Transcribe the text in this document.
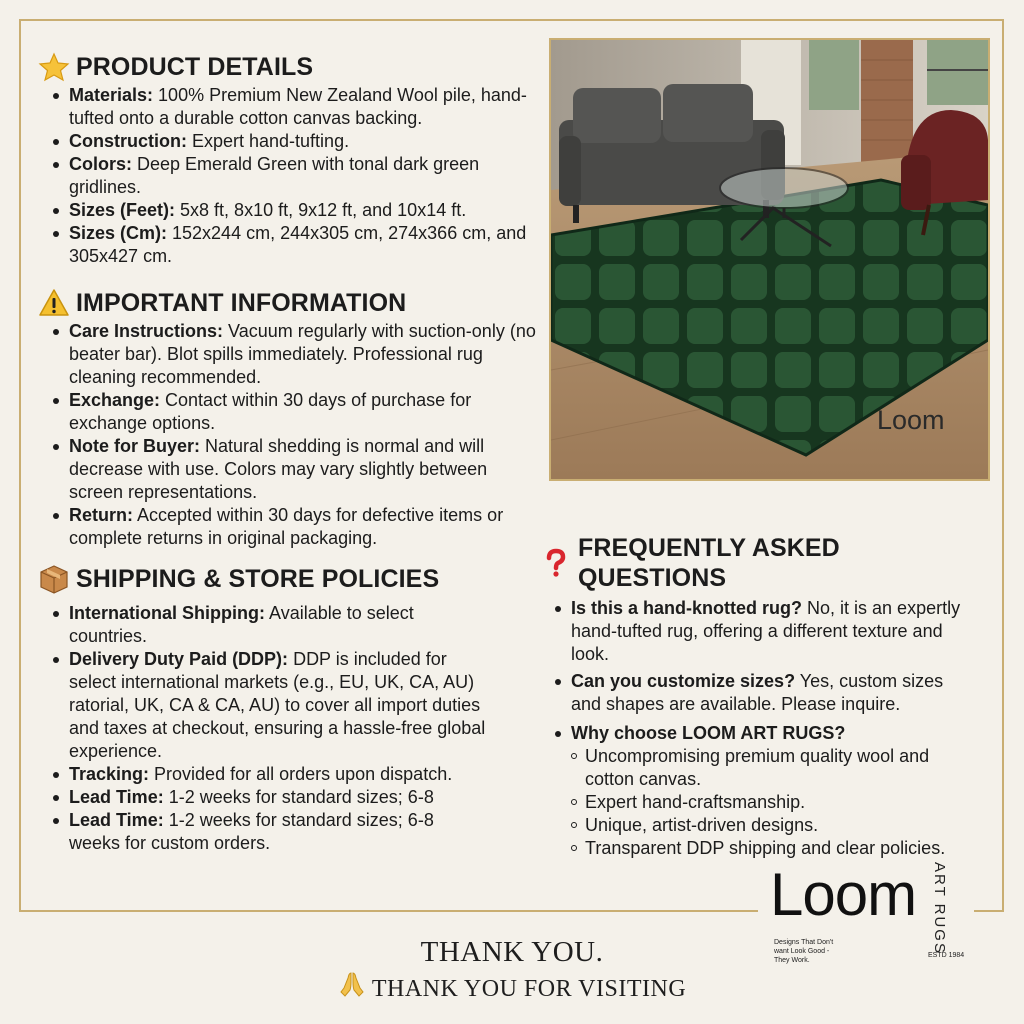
PRODUCT DETAILS
Materials: 100% Premium New Zealand Wool pile, hand-tufted onto a durable cotton canvas backing.
Construction: Expert hand-tufting.
Colors: Deep Emerald Green with tonal dark green gridlines.
Sizes (Feet): 5x8 ft, 8x10 ft, 9x12 ft, and 10x14 ft.
Sizes (Cm): 152x244 cm, 244x305 cm, 274x366 cm, and 305x427 cm.
IMPORTANT INFORMATION
Care Instructions: Vacuum regularly with suction-only (no beater bar). Blot spills immediately. Professional rug cleaning recommended.
Exchange: Contact within 30 days of purchase for exchange options.
Note for Buyer: Natural shedding is normal and will decrease with use. Colors may vary slightly between screen representations.
Return: Accepted within 30 days for defective items or complete returns in original packaging.
SHIPPING & STORE POLICIES
International Shipping: Available to select countries.
Delivery Duty Paid (DDP): DDP is included for select international markets (e.g., EU, UK, CA, AU) ratorial, UK, CA & CA, AU) to cover all import duties and taxes at checkout, ensuring a hassle-free global experience.
Tracking: Provided for all orders upon dispatch.
Lead Time: 1-2 weeks for standard sizes; 6-8
Lead Time: 1-2 weeks for standard sizes; 6-8 weeks for custom orders.
Loom
FREQUENTLY ASKED QUESTIONS
Is this a hand-knotted rug? No, it is an expertly hand-tufted rug, offering a different texture and look.
Can you customize sizes? Yes, custom sizes and shapes are available. Please inquire.
Why choose LOOM ART RUGS?
Uncompromising premium quality wool and cotton canvas.
Expert hand-craftsmanship.
Unique, artist-driven designs.
Transparent DDP shipping and clear policies.
Loom ART RUGS
Designs That Don't want Look Good - They Work.
ESTD 1984
THANK YOU.
THANK YOU FOR VISITING
